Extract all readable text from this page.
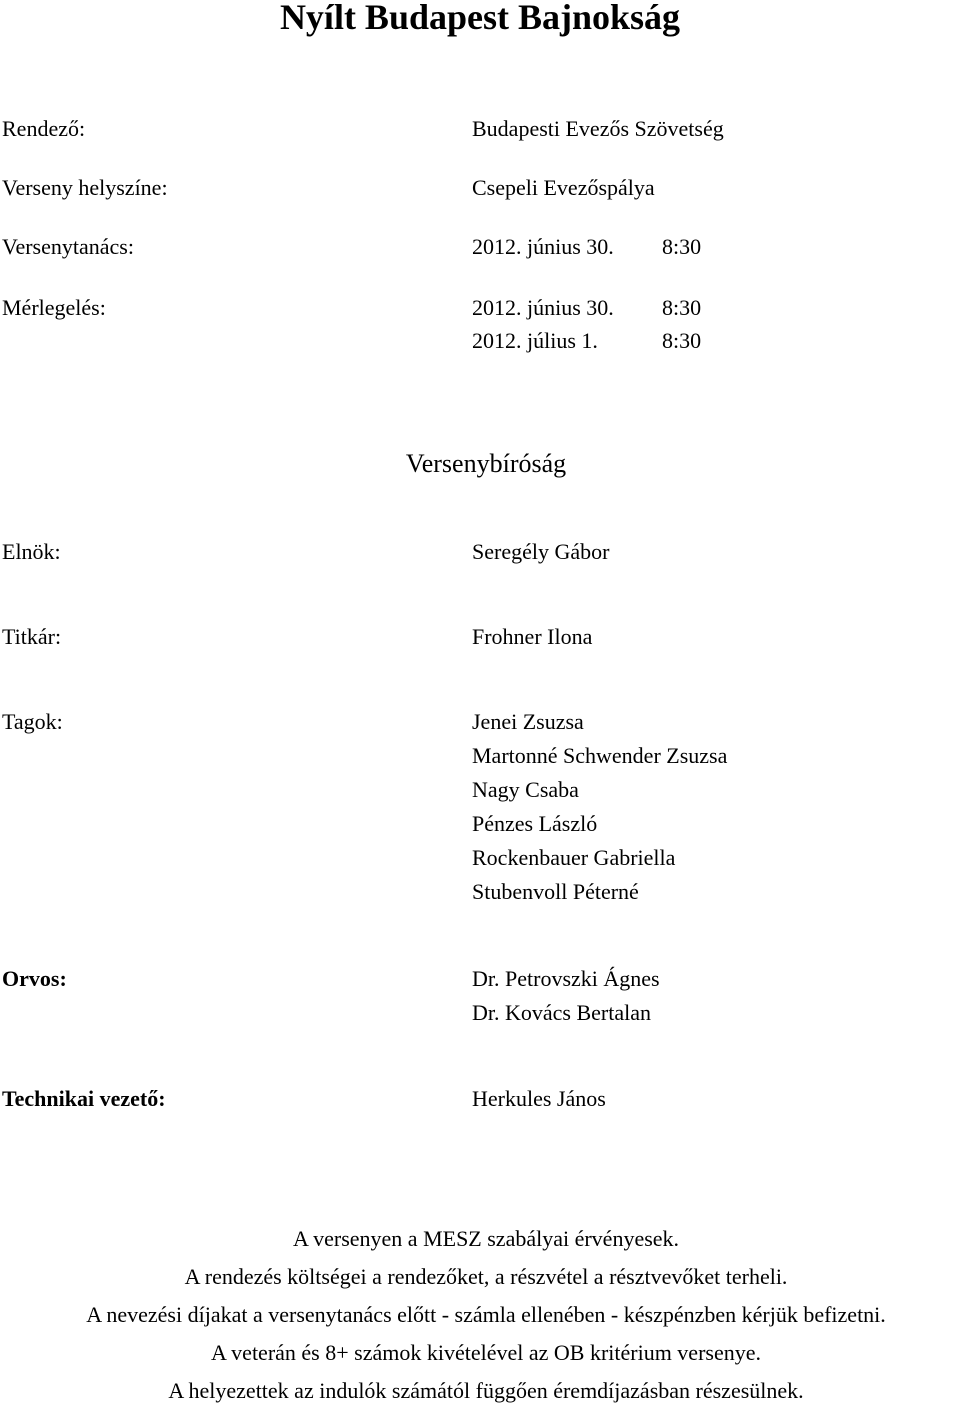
Nyílt Budapest Bajnokság
Rendező:	Budapesti Evezős Szövetség
Verseny helyszíne:	Csepeli Evezőspálya
Versenytanács:	2012. június 30. 8:30
Mérlegelés:	2012. június 30. 8:30
2012. július 1.	8:30
Versenybíróság
Elnök:	Seregély Gábor
Titkár:	Frohner Ilona
Tagok:	Jenei Zsuzsa
Martonné Schwender Zsuzsa
Nagy Csaba
Pénzes László
Rockenbauer Gabriella
Stubenvoll Péterné
Orvos:	Dr. Petrovszki Ágnes
Dr. Kovács Bertalan
Technikai vezető:	Herkules János
A versenyen a MESZ szabályai érvényesek.
A rendezés költségei a rendezőket, a részvétel a résztvevőket terheli.
A nevezési díjakat a versenytanács előtt - számla ellenében - készpénzben kérjük befizetni.
A veterán és 8+ számok kivételével az OB kritérium versenye.
A helyezettek az indulók számától függően éremdíjazásban részesülnek.
